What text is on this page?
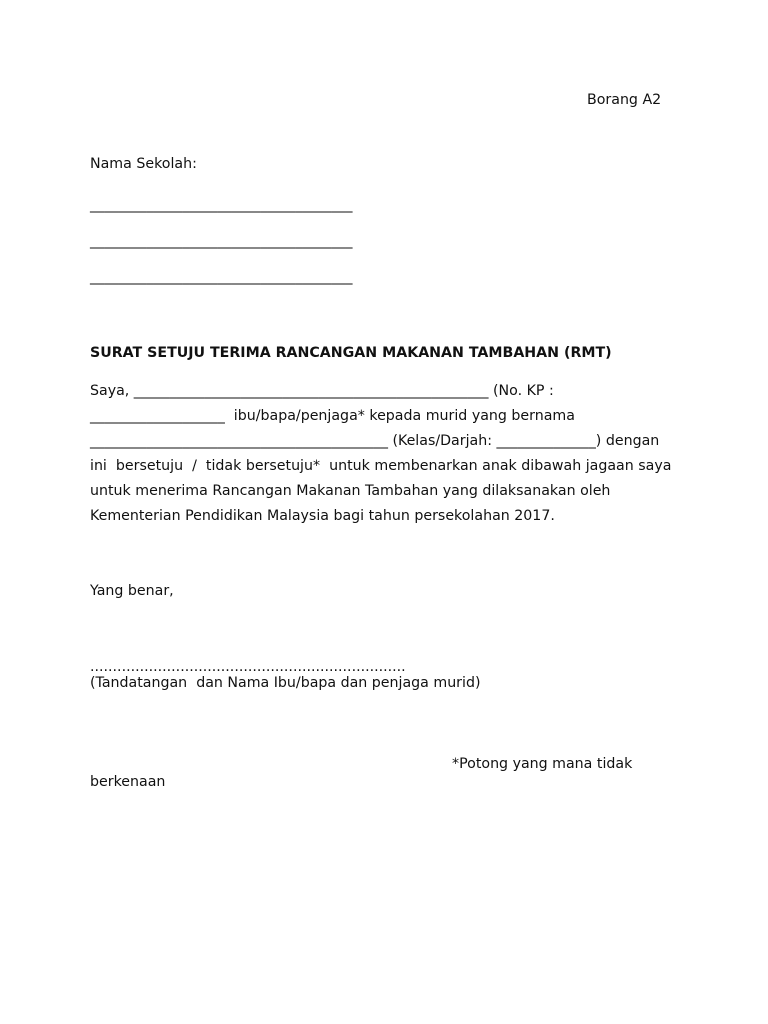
Borang A2
Nama Sekolah:
_____________________________________
_____________________________________
_____________________________________
SURAT SETUJU TERIMA RANCANGAN MAKANAN TAMBAHAN (RMT)
Saya, __________________________________________________ (No. KP :
___________________  ibu/bapa/penjaga* kepada murid yang bernama
__________________________________________ (Kelas/Darjah: ______________) dengan
ini  bersetuju  /  tidak bersetuju*  untuk membenarkan anak dibawah jagaan saya
untuk menerima Rancangan Makanan Tambahan yang dilaksanakan oleh
Kementerian Pendidikan Malaysia bagi tahun persekolahan 2017.
Yang benar,
......................................................................
(Tandatangan  dan Nama Ibu/bapa dan penjaga murid)
*Potong yang mana tidak
berkenaan
